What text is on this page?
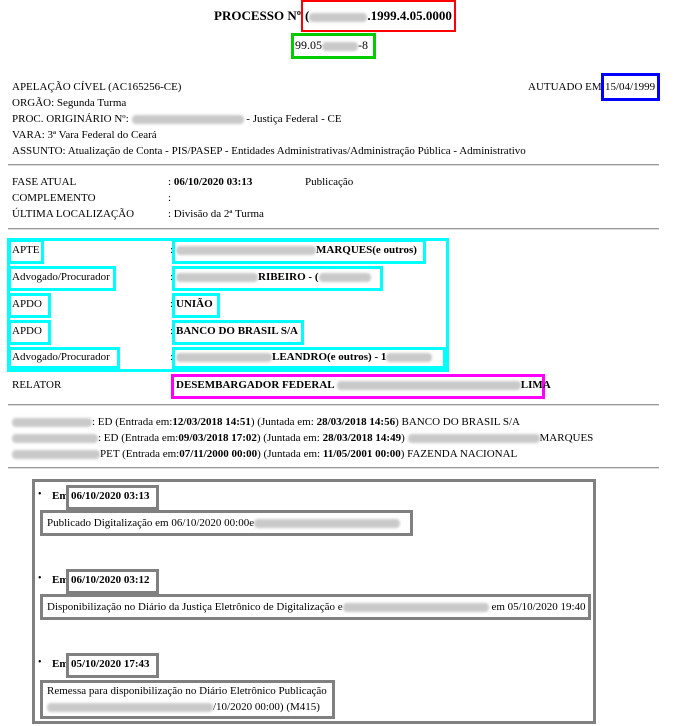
PROCESSO Nº (	.1999.4.05.0000
99.05	-8
APELAÇÃO CÍVEL (AC165256-CE)	AUTUADO EM 15/04/1999
ORGÃO: Segunda Turma
PROC. ORIGINÁRIO Nº:	- Justiça Federal - CE
VARA: 3ª Vara Federal do Ceará
ASSUNTO: Atualização de Conta - PIS/PASEP - Entidades Administrativas/Administração Pública - Administrativo
FASE ATUAL	: 06/10/2020 03:13	Publicação
COMPLEMENTO	:
ÚLTIMA LOCALIZAÇÃO	: Divisão da 2ª Turma
APTE	:	MARQUES(e outros)
Advogado/Procurador	:	RIBEIRO - (
APDO	: UNIÃO
APDO	: BANCO DO BRASIL S/A
Advogado/Procurador	:	LEANDRO(e outros) - 1
RELATOR	: DESEMBARGADOR FEDERAL	LIMA
: ED (Entrada em:12/03/2018 14:51) (Juntada em: 28/03/2018 14:56) BANCO DO BRASIL S/A
: ED (Entrada em:09/03/2018 17:02) (Juntada em: 28/03/2018 14:49)	MARQUES
PET (Entrada em:07/11/2000 00:00) (Juntada em: 11/05/2001 00:00) FAZENDA NACIONAL
• Em 06/10/2020 03:13
Publicado Digitalização em 06/10/2020 00:00e
• Em 06/10/2020 03:12
Disponibilização no Diário da Justiça Eletrônico de Digitalização e	em 05/10/2020 19:40
• Em 05/10/2020 17:43
Remessa para disponibilização no Diário Eletrônico Publicação
/10/2020 00:00) (M415)
